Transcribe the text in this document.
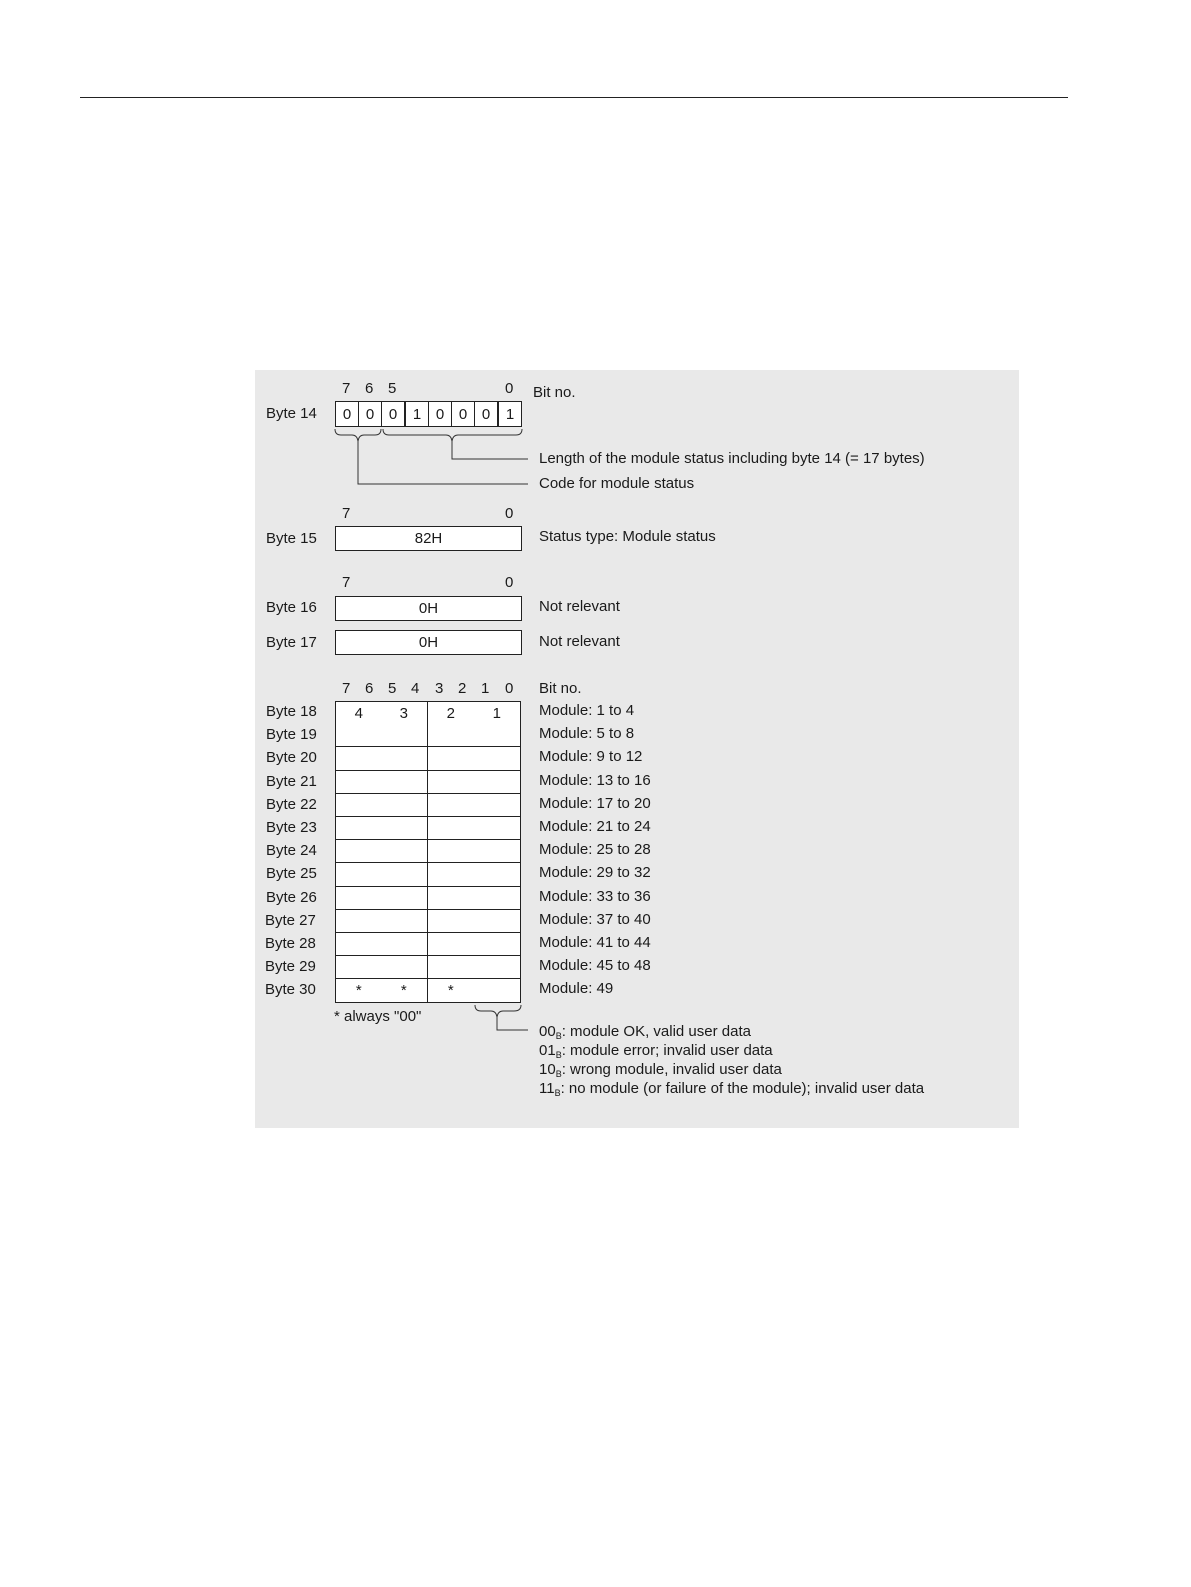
7 6 5	0 Bit no.
Byte 14	0 0 0	1 0 0 0	1
Length of the module status including byte 14 (= 17 bytes)
Code for module status
7	0
Byte 15	82H	Status type: Module status
7	0
Byte 16	0H	Not relevant
Byte 17	0H	Not relevant
7 6 5 4 3 2 1 0 Bit no.
Byte 18	4	3	2	1	Module: 1 to 4
Byte 19	Module: 5 to 8
Byte 20	Module: 9 to 12
Byte 21	Module: 13 to 16
Byte 22	Module: 17 to 20
Byte 23	Module: 21 to 24
Byte 24	Module: 25 to 28
Byte 25	Module: 29 to 32
Byte 26	Module: 33 to 36
Byte 27	Module: 37 to 40
Byte 28	Module: 41 to 44
Byte 29	Module: 45 to 48
Byte 30	*	*	*	Module: 49
* always "00"
$00_B$: module OK, valid user data
$01_B$: module error; invalid user data
$10_B$: wrong module, invalid user data
$11_B$: no module (or failure of the module); invalid user data
